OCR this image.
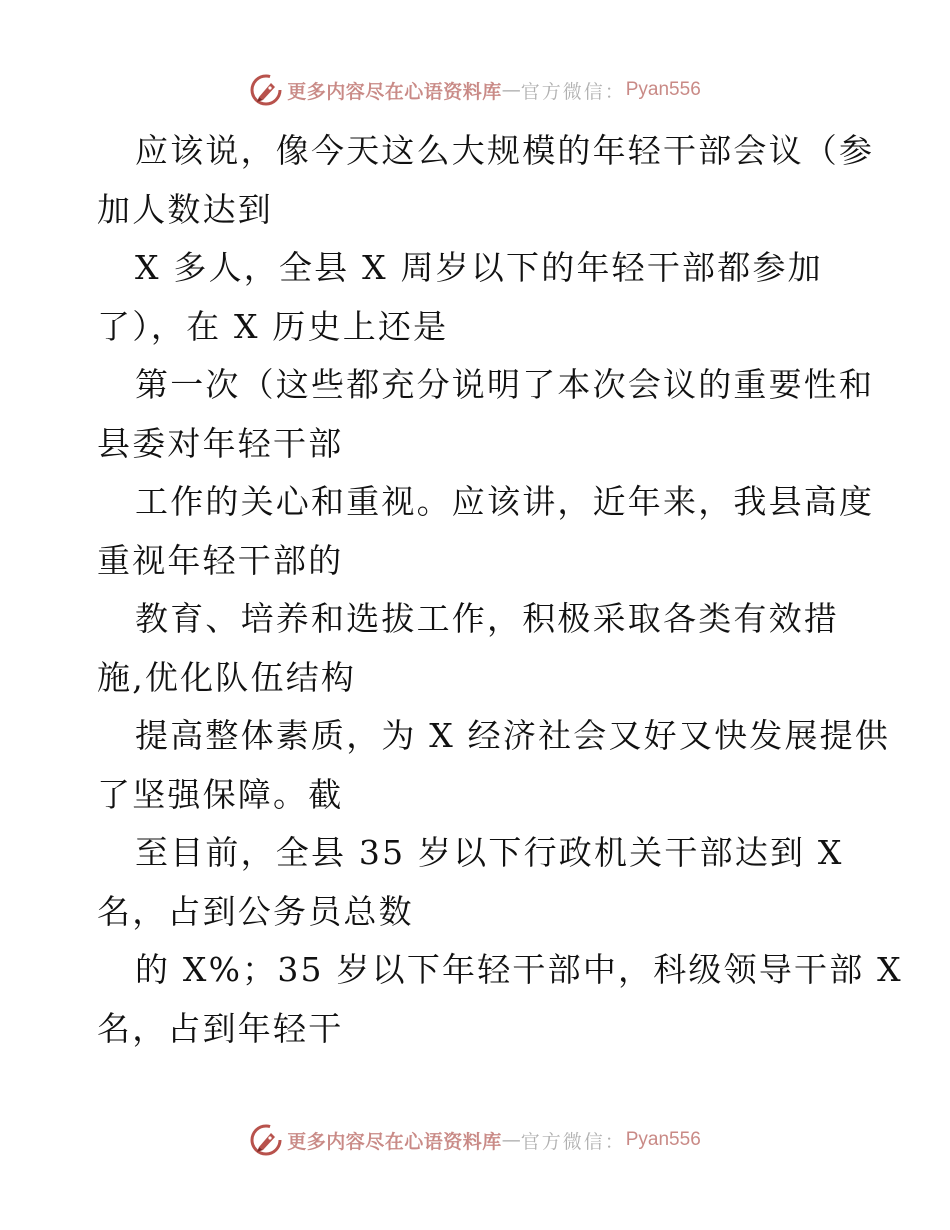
更多内容尽在心语资料库 — 官方微信： Pyan556
应该说，像今天这么大规模的年轻干部会议（参
加人数达到
X 多人，全县 X 周岁以下的年轻干部都参加
了），在 X 历史上还是
第一次（这些都充分说明了本次会议的重要性和
县委对年轻干部
工作的关心和重视。应该讲，近年来，我县高度
重视年轻干部的
教育、培养和选拔工作，积极采取各类有效措
施,优化队伍结构
提高整体素质，为 X 经济社会又好又快发展提供
了坚强保障。截
至目前，全县 35 岁以下行政机关干部达到 X
名，占到公务员总数
的 X%；35 岁以下年轻干部中，科级领导干部 X
名，占到年轻干
更多内容尽在心语资料库 — 官方微信： Pyan556
